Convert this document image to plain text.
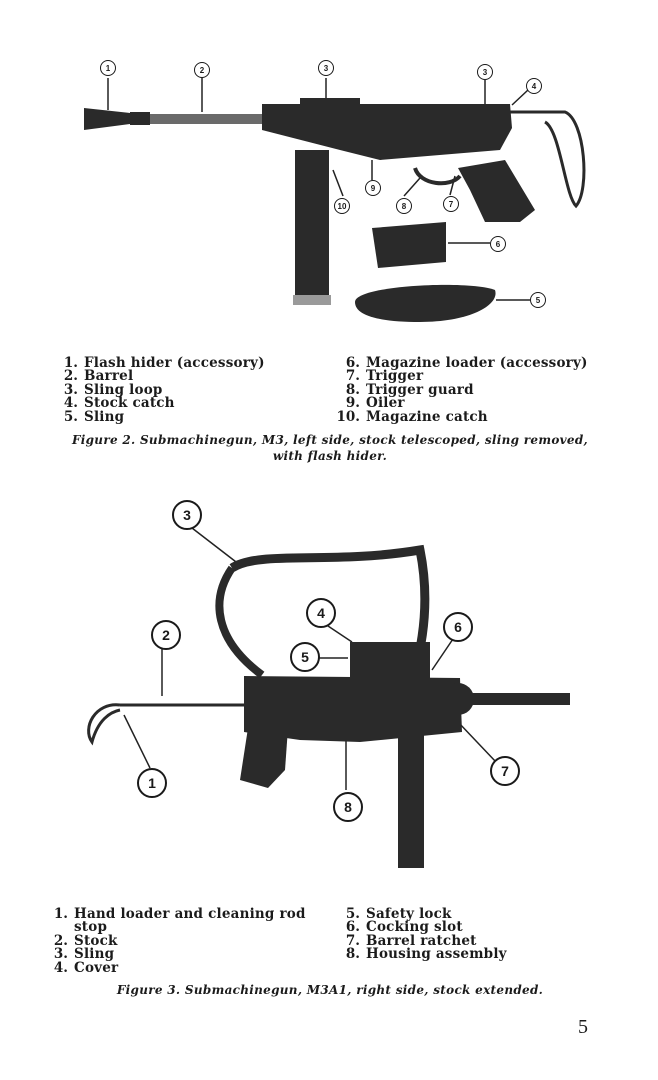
1	2	3	3
4
5
6
7
8
9
10
1. Flash hider (accessory)
2. Barrel
3. Sling loop
4. Stock catch
5. Sling
6. Magazine loader (accessory)
7. Trigger
8. Trigger guard
9. Oiler
10. Magazine catch
Figure 2. Submachinegun, M3, left side, stock telescoped, sling removed,
with flash hider.
1
2
3
4
5
6
7
8
1. Hand loader and cleaning rod
stop
2. Stock
3. Sling
4. Cover
5. Safety lock
6. Cocking slot
7. Barrel ratchet
8. Housing assembly
Figure 3. Submachinegun, M3A1, right side, stock extended.
5
